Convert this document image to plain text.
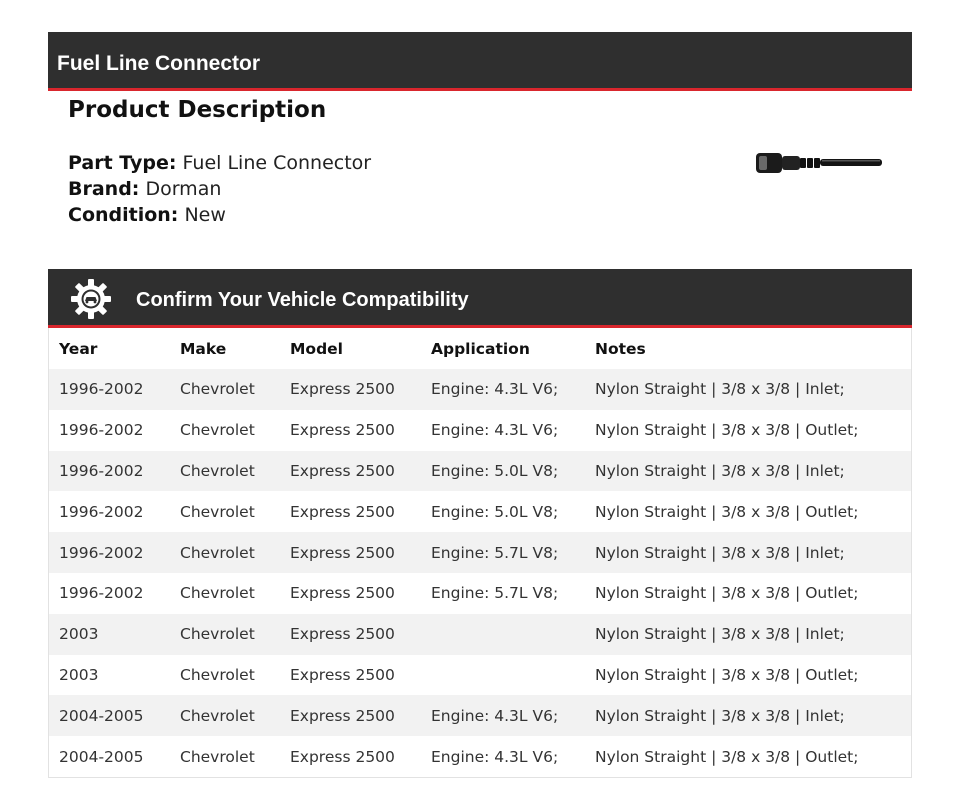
Fuel Line Connector
Product Description
Part Type: Fuel Line Connector
Brand: Dorman
Condition: New
Confirm Your Vehicle Compatibility
Year	Make	Model	Application	Notes
1996-2002	Chevrolet	Express 2500	Engine: 4.3L V6;	Nylon Straight | 3/8 x 3/8 | Inlet;
1996-2002	Chevrolet	Express 2500	Engine: 4.3L V6;	Nylon Straight | 3/8 x 3/8 | Outlet;
1996-2002	Chevrolet	Express 2500	Engine: 5.0L V8;	Nylon Straight | 3/8 x 3/8 | Inlet;
1996-2002	Chevrolet	Express 2500	Engine: 5.0L V8;	Nylon Straight | 3/8 x 3/8 | Outlet;
1996-2002	Chevrolet	Express 2500	Engine: 5.7L V8;	Nylon Straight | 3/8 x 3/8 | Inlet;
1996-2002	Chevrolet	Express 2500	Engine: 5.7L V8;	Nylon Straight | 3/8 x 3/8 | Outlet;
2003	Chevrolet	Express 2500		Nylon Straight | 3/8 x 3/8 | Inlet;
2003	Chevrolet	Express 2500		Nylon Straight | 3/8 x 3/8 | Outlet;
2004-2005	Chevrolet	Express 2500	Engine: 4.3L V6;	Nylon Straight | 3/8 x 3/8 | Inlet;
2004-2005	Chevrolet	Express 2500	Engine: 4.3L V6;	Nylon Straight | 3/8 x 3/8 | Outlet;
